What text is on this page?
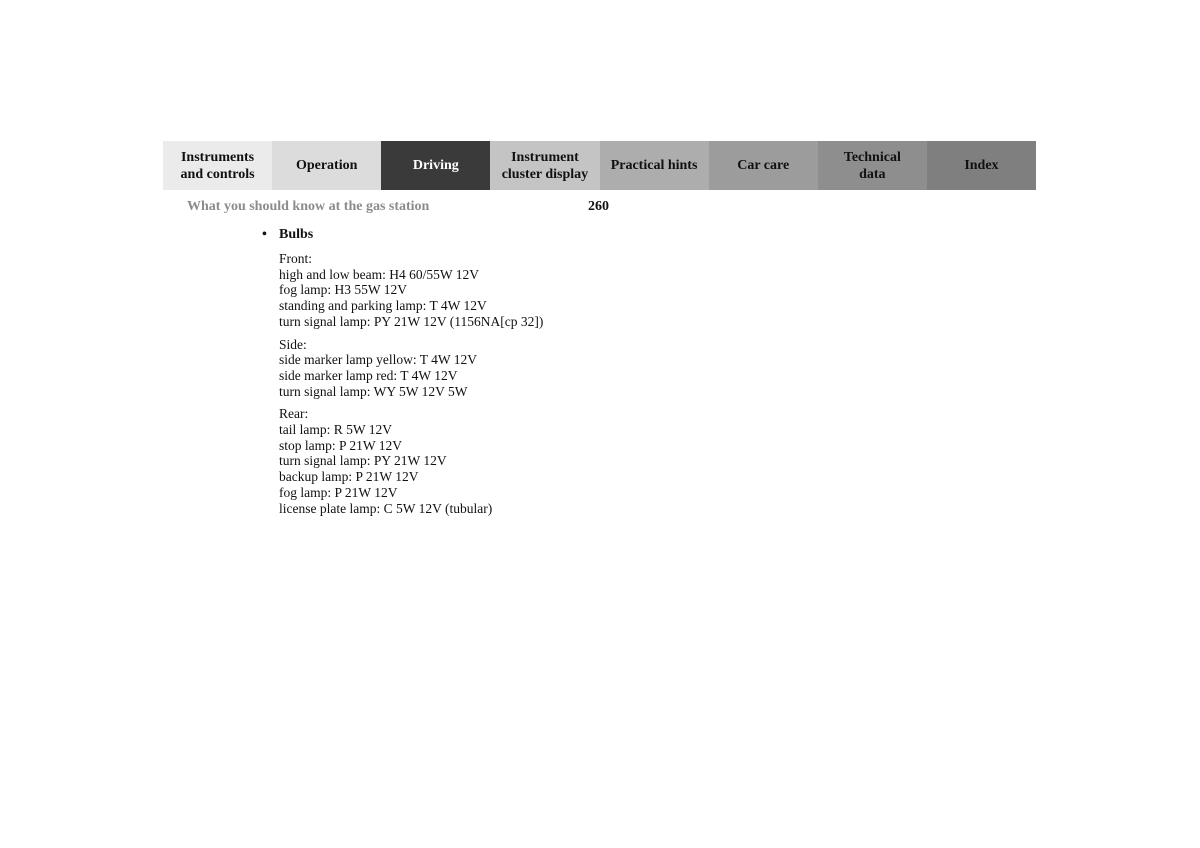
Instruments
and controls
Operation	Driving
Instrument
cluster display
Practical hints	Car care
Technical
data
Index
What you should know at the gas station	260
• Bulbs
Front:
high and low beam: H4 60/55W 12V
fog lamp: H3 55W 12V
standing and parking lamp: T 4W 12V
turn signal lamp: PY 21W 12V (1156NA[cp 32])
Side:
side marker lamp yellow: T 4W 12V
side marker lamp red: T 4W 12V
turn signal lamp: WY 5W 12V 5W
Rear:
tail lamp: R 5W 12V
stop lamp: P 21W 12V
turn signal lamp: PY 21W 12V
backup lamp: P 21W 12V
fog lamp: P 21W 12V
license plate lamp: C 5W 12V (tubular)
